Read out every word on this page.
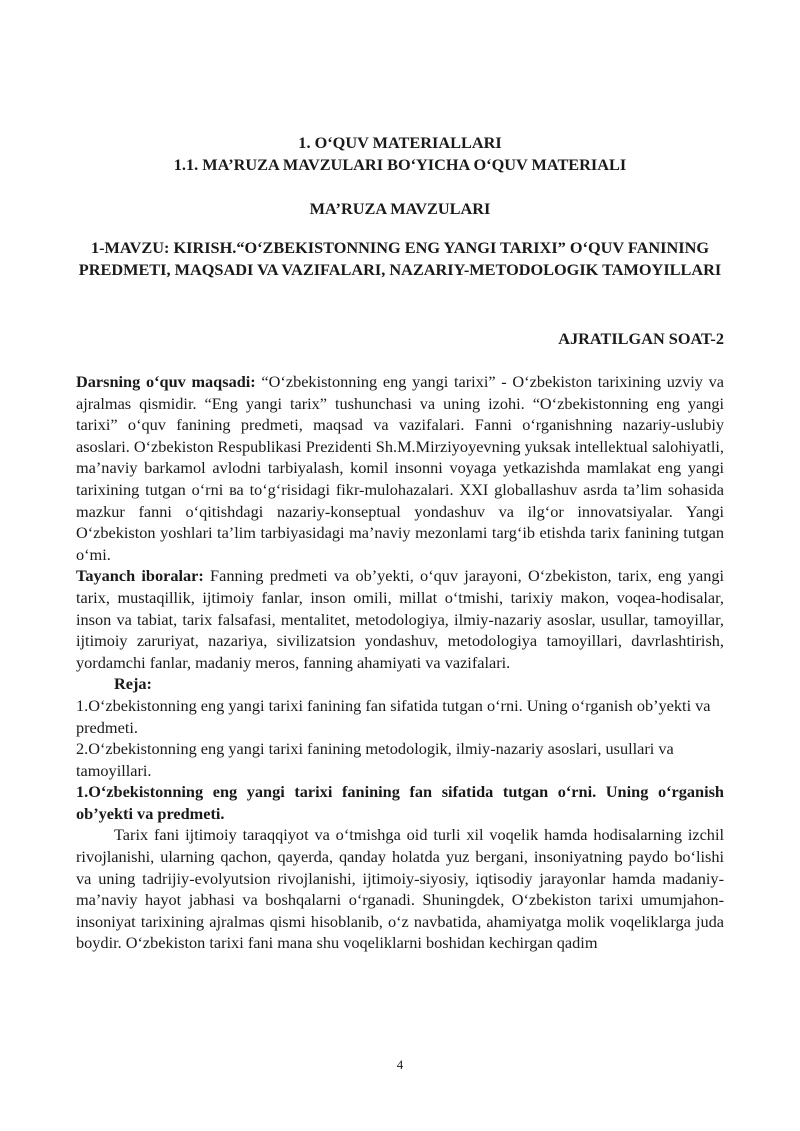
1. O‘QUV MATERIALLARI
1.1. MA’RUZA MAVZULARI BO‘YICHA O‘QUV MATERIALI
MA’RUZA MAVZULARI
1-MAVZU: KIRISH.“O‘ZBEKISTONNING ENG YANGI TARIXI” O‘QUV FANINING PREDMETI, MAQSADI VA VAZIFALARI, NAZARIY-METODOLOGIK TAMOYILLARI
AJRATILGAN SOAT-2

Darsning o‘quv maqsadi: “O‘zbekistonning eng yangi tarixi” - O‘zbekiston tarixining uzviy va ajralmas qismidir. “Eng yangi tarix” tushunchasi va uning izohi. “O‘zbekistonning eng yangi tarixi” o‘quv fanining predmeti, maqsad va vazifalari. Fanni o‘rganishning nazariy-uslubiy asoslari. O‘zbekiston Respublikasi Prezidenti Sh.M.Mirziyoyevning yuksak intellektual salohiyatli, ma’naviy barkamol avlodni tarbiyalash, komil insonni voyaga yetkazishda mamlakat eng yangi tarixining tutgan o‘rni ва to‘g‘risidagi fikr-mulohazalari. XXI globallashuv asrda ta’lim sohasida mazkur fanni o‘qitishdagi nazariy-konseptual yondashuv va ilg‘or innovatsiyalar. Yangi O‘zbekiston yoshlari ta’lim tarbiyasidagi ma’naviy mezonlami targ‘ib etishda tarix fanining tutgan o‘mi.

Tayanch iboralar: Fanning predmeti va ob’yekti, o‘quv jarayoni, O‘zbekiston, tarix, eng yangi tarix, mustaqillik, ijtimoiy fanlar, inson omili, millat o‘tmishi, tarixiy makon, voqea-hodisalar, inson va tabiat, tarix falsafasi, mentalitet, metodologiya, ilmiy-nazariy asoslar, usullar, tamoyillar, ijtimoiy zaruriyat, nazariya, sivilizatsion yondashuv, metodologiya tamoyillari, davrlashtirish, yordamchi fanlar, madaniy meros, fanning ahamiyati va vazifalari.

Reja:

1.O‘zbekistonning eng yangi tarixi fanining fan sifatida tutgan o‘rni. Uning o‘rganish ob’yekti va predmeti.

2.O‘zbekistonning eng yangi tarixi fanining metodologik, ilmiy-nazariy asoslari, usullari va tamoyillari.

1.O‘zbekistonning eng yangi tarixi fanining fan sifatida tutgan o‘rni. Uning o‘rganish ob’yekti va predmeti.

Tarix fani ijtimoiy taraqqiyot va o‘tmishga oid turli xil voqelik hamda hodisalarning izchil rivojlanishi, ularning qachon, qayerda, qanday holatda yuz bergani, insoniyatning paydo bo‘lishi va uning tadrijiy-evolyutsion rivojlanishi, ijtimoiy-siyosiy, iqtisodiy jarayonlar hamda madaniy-ma’naviy hayot jabhasi va boshqalarni o‘rganadi. Shuningdek, O‘zbekiston tarixi umumjahon-insoniyat tarixining ajralmas qismi hisoblanib, o‘z navbatida, ahamiyatga molik voqeliklarga juda boydir. O‘zbekiston tarixi fani mana shu voqeliklarni boshidan kechirgan qadim

4
